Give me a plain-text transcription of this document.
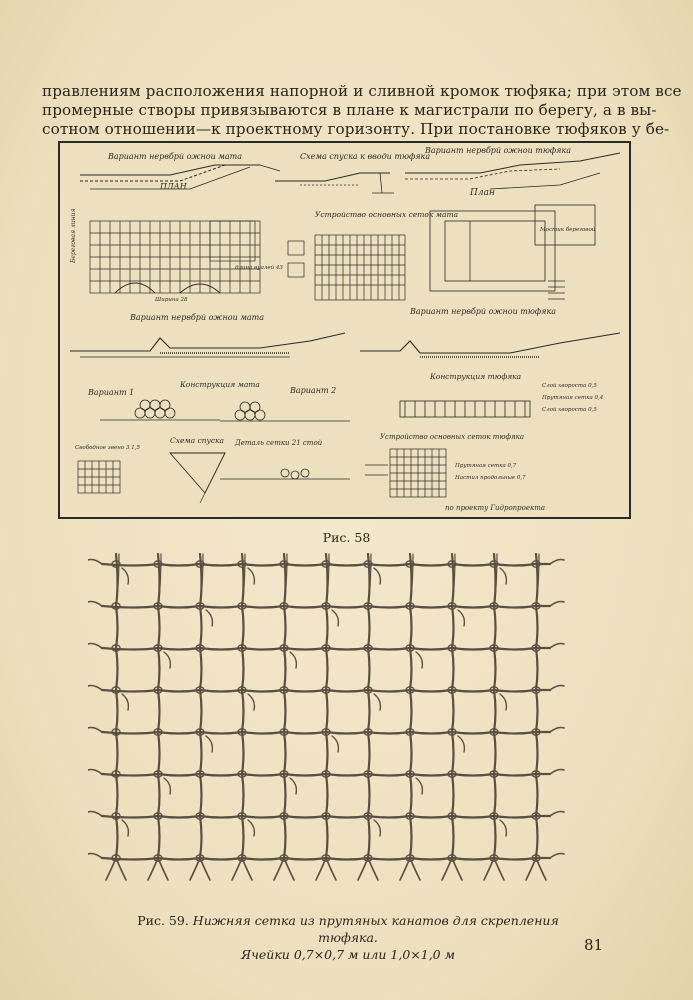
правлениям расположения напорной и сливной кромок тюфяка; при этом все
промерные створы привязываются в плане к магистрали по берегу, а в вы-
сотном отношении—к проектному горизонту. При постановке тюфяков у бе-
Вариант нервбрй ожнои мата	Схема спуска к вводи тюфяка
Вариант нервбрй ожнои тюфяка
ПЛАН
Береговая линия
длина вуалей 43
Ширина 28
Устройство основных сеток мата
План
Мостик береговой
Вариант нервбрй ожнои мата
Вариант нервбрй ожнои тюфяка
Конструкция мата
Вариант 1	Вариант 2
Конструкция тюфяка
Слой хворостa 0,5
Прутяная сетка 0,4
Слой хворостa 0,5
Свободное звено 3 1,5
Схема спуска Деталь сетки 21 стой
Устройство основных сеток тюфяка
Прутяная сетка 0,7
Настил продольные 0,7
по проекту Гидропроекта
Рис. 58
Рис. 59. Нижняя сетка из прутяных канатов для скрепления тюфяка.
Ячейки 0,7×0,7 м или 1,0×1,0 м
81
